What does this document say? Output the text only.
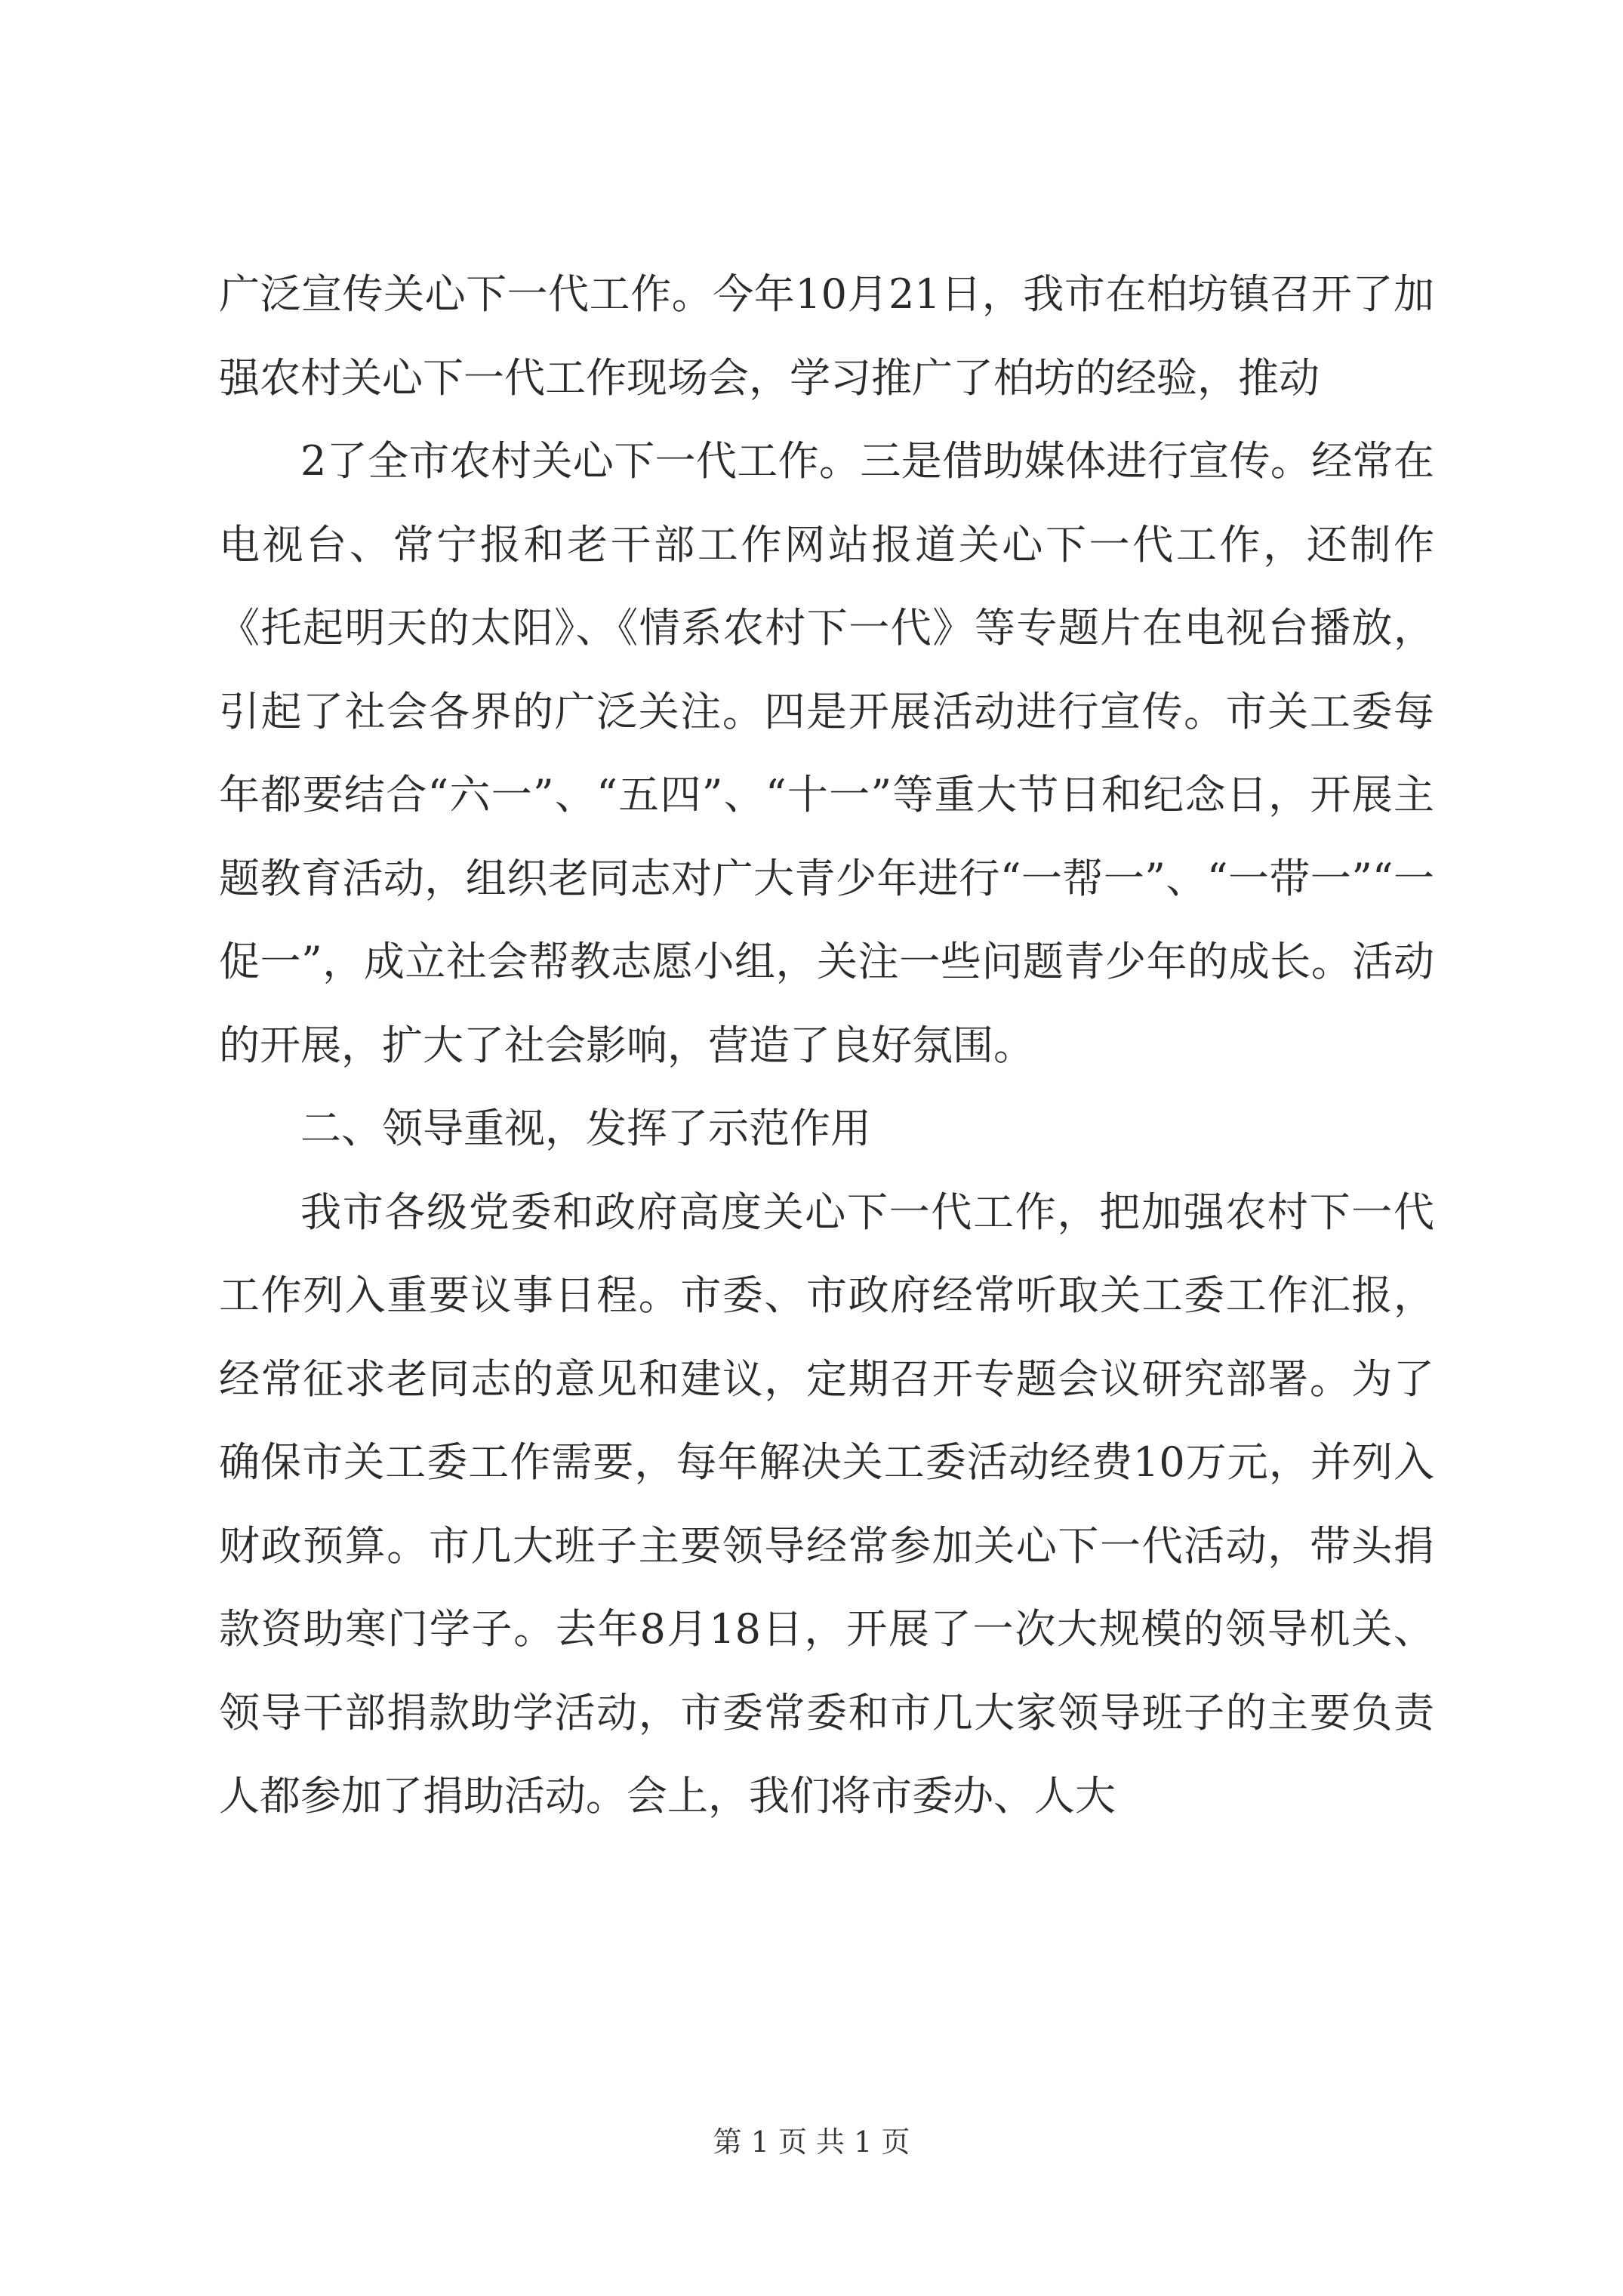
广泛宣传关心下一代工作。今年10月21日，我市在柏坊镇召开了加强农村关心下一代工作现场会，学习推广了柏坊的经验，推动

2了全市农村关心下一代工作。三是借助媒体进行宣传。经常在电视台、常宁报和老干部工作网站报道关心下一代工作，还制作《托起明天的太阳》、《情系农村下一代》等专题片在电视台播放，引起了社会各界的广泛关注。四是开展活动进行宣传。市关工委每年都要结合“六一”、“五四”、“十一”等重大节日和纪念日，开展主题教育活动，组织老同志对广大青少年进行“一帮一”、“一带一”“一促一”，成立社会帮教志愿小组，关注一些问题青少年的成长。活动的开展，扩大了社会影响，营造了良好氛围。

二、领导重视，发挥了示范作用

我市各级党委和政府高度关心下一代工作，把加强农村下一代工作列入重要议事日程。市委、市政府经常听取关工委工作汇报，经常征求老同志的意见和建议，定期召开专题会议研究部署。为了确保市关工委工作需要，每年解决关工委活动经费10万元，并列入财政预算。市几大班子主要领导经常参加关心下一代活动，带头捐款资助寒门学子。去年8月18日，开展了一次大规模的领导机关、领导干部捐款助学活动，市委常委和市几大家领导班子的主要负责人都参加了捐助活动。会上，我们将市委办、人大

第 1 页 共 1 页
